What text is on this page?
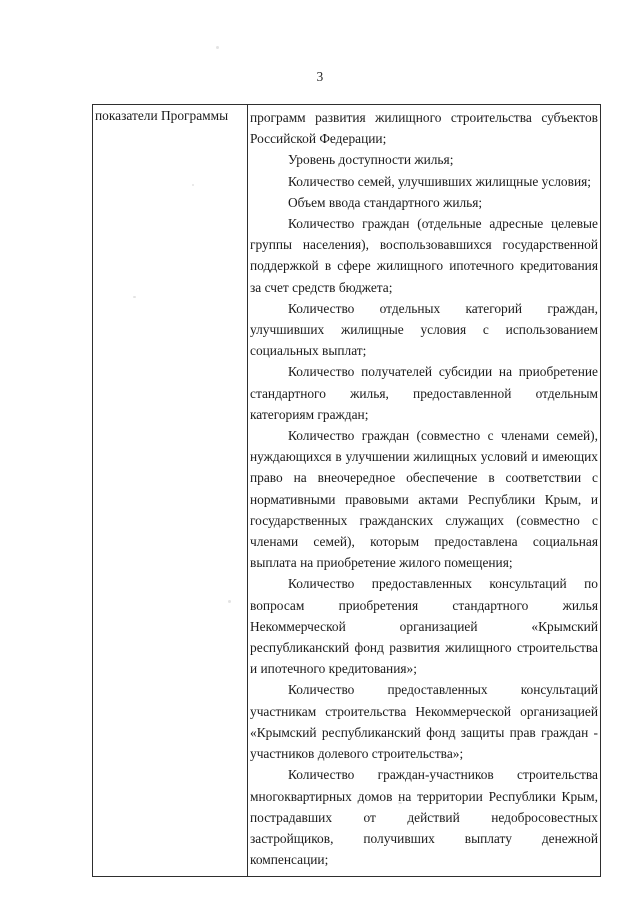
3
показатели Программы	программ развития жилищного строительства субъектов Российской Федерации;

Уровень доступности жилья;

Количество семей, улучшивших жилищные условия;

Объем ввода стандартного жилья;

Количество граждан (отдельные адресные целевые группы населения), воспользовавшихся государственной поддержкой в сфере жилищного ипотечного кредитования за счет средств бюджета;

Количество отдельных категорий граждан, улучшивших жилищные условия с использованием социальных выплат;

Количество получателей субсидии на приобретение стандартного жилья, предоставленной отдельным категориям граждан;

Количество граждан (совместно с членами семей), нуждающихся в улучшении жилищных условий и имеющих право на внеочередное обеспечение в соответствии с нормативными правовыми актами Республики Крым, и государственных гражданских служащих (совместно с членами семей), которым предоставлена социальная выплата на приобретение жилого помещения;

Количество предоставленных консультаций по вопросам приобретения стандартного жилья Некоммерческой организацией «Крымский республиканский фонд развития жилищного строительства и ипотечного кредитования»;

Количество предоставленных консультаций участникам строительства Некоммерческой организацией «Крымский республиканский фонд защиты прав граждан - участников долевого строительства»;

Количество граждан-участников строительства многоквартирных домов на территории Республики Крым, пострадавших от действий недобросовестных застройщиков, получивших выплату денежной компенсации;
